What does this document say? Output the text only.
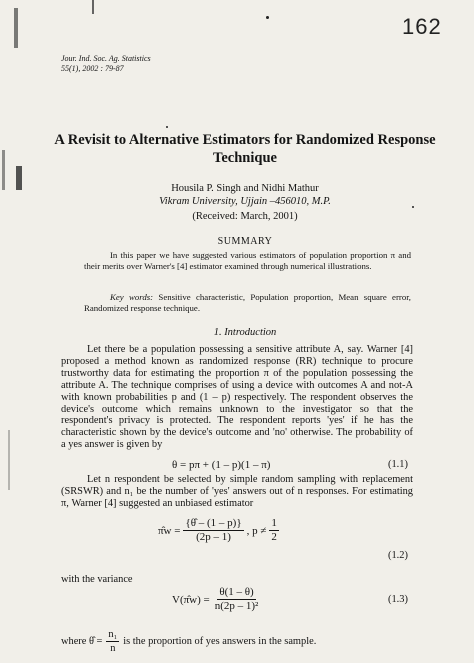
162
Jour. Ind. Soc. Ag. Statistics
55(1), 2002 : 79-87
A Revisit to Alternative Estimators for Randomized Response Technique
Housila P. Singh and Nidhi Mathur
Vikram University, Ujjain –456010, M.P.
(Received: March, 2001)
SUMMARY
In this paper we have suggested various estimators of population proportion π and their merits over Warner's [4] estimator examined through numerical illustrations.
Key words: Sensitive characteristic, Population proportion, Mean square error, Randomized response technique.
1. Introduction
Let there be a population possessing a sensitive attribute A, say. Warner [4] proposed a method known as randomized response (RR) technique to procure trustworthy data for estimating the proportion π of the population possessing the attribute A. The technique comprises of using a device with outcomes A and not-A with known probabilities p and (1 – p) respectively. The respondent observes the device's outcome which remains unknown to the investigator so that the respondent's privacy is protected. The respondent reports 'yes' if he has the characteristic shown by the device's outcome and 'no' otherwise. The probability of a yes answer is given by
θ = pπ + (1 – p)(1 – π)	(1.1)
Let n respondent be selected by simple random sampling with replacement (SRSWR) and n₁ be the number of 'yes' answers out of n responses. For estimating π, Warner [4] suggested an unbiased estimator
π̂w = $\frac{\{\thetâ - (1 - p)\}}{(2p - 1)}$ , $p \ne \frac{1}{2}$
(1.2)
with the variance
V(π̂w) = $\frac{\theta(1 - \theta)}{\text{n(2p – 1)²}}$	(1.3)
where θ̂ = $\frac{\text{n₁}}{n}$ is the proportion of yes answers in the sample.
